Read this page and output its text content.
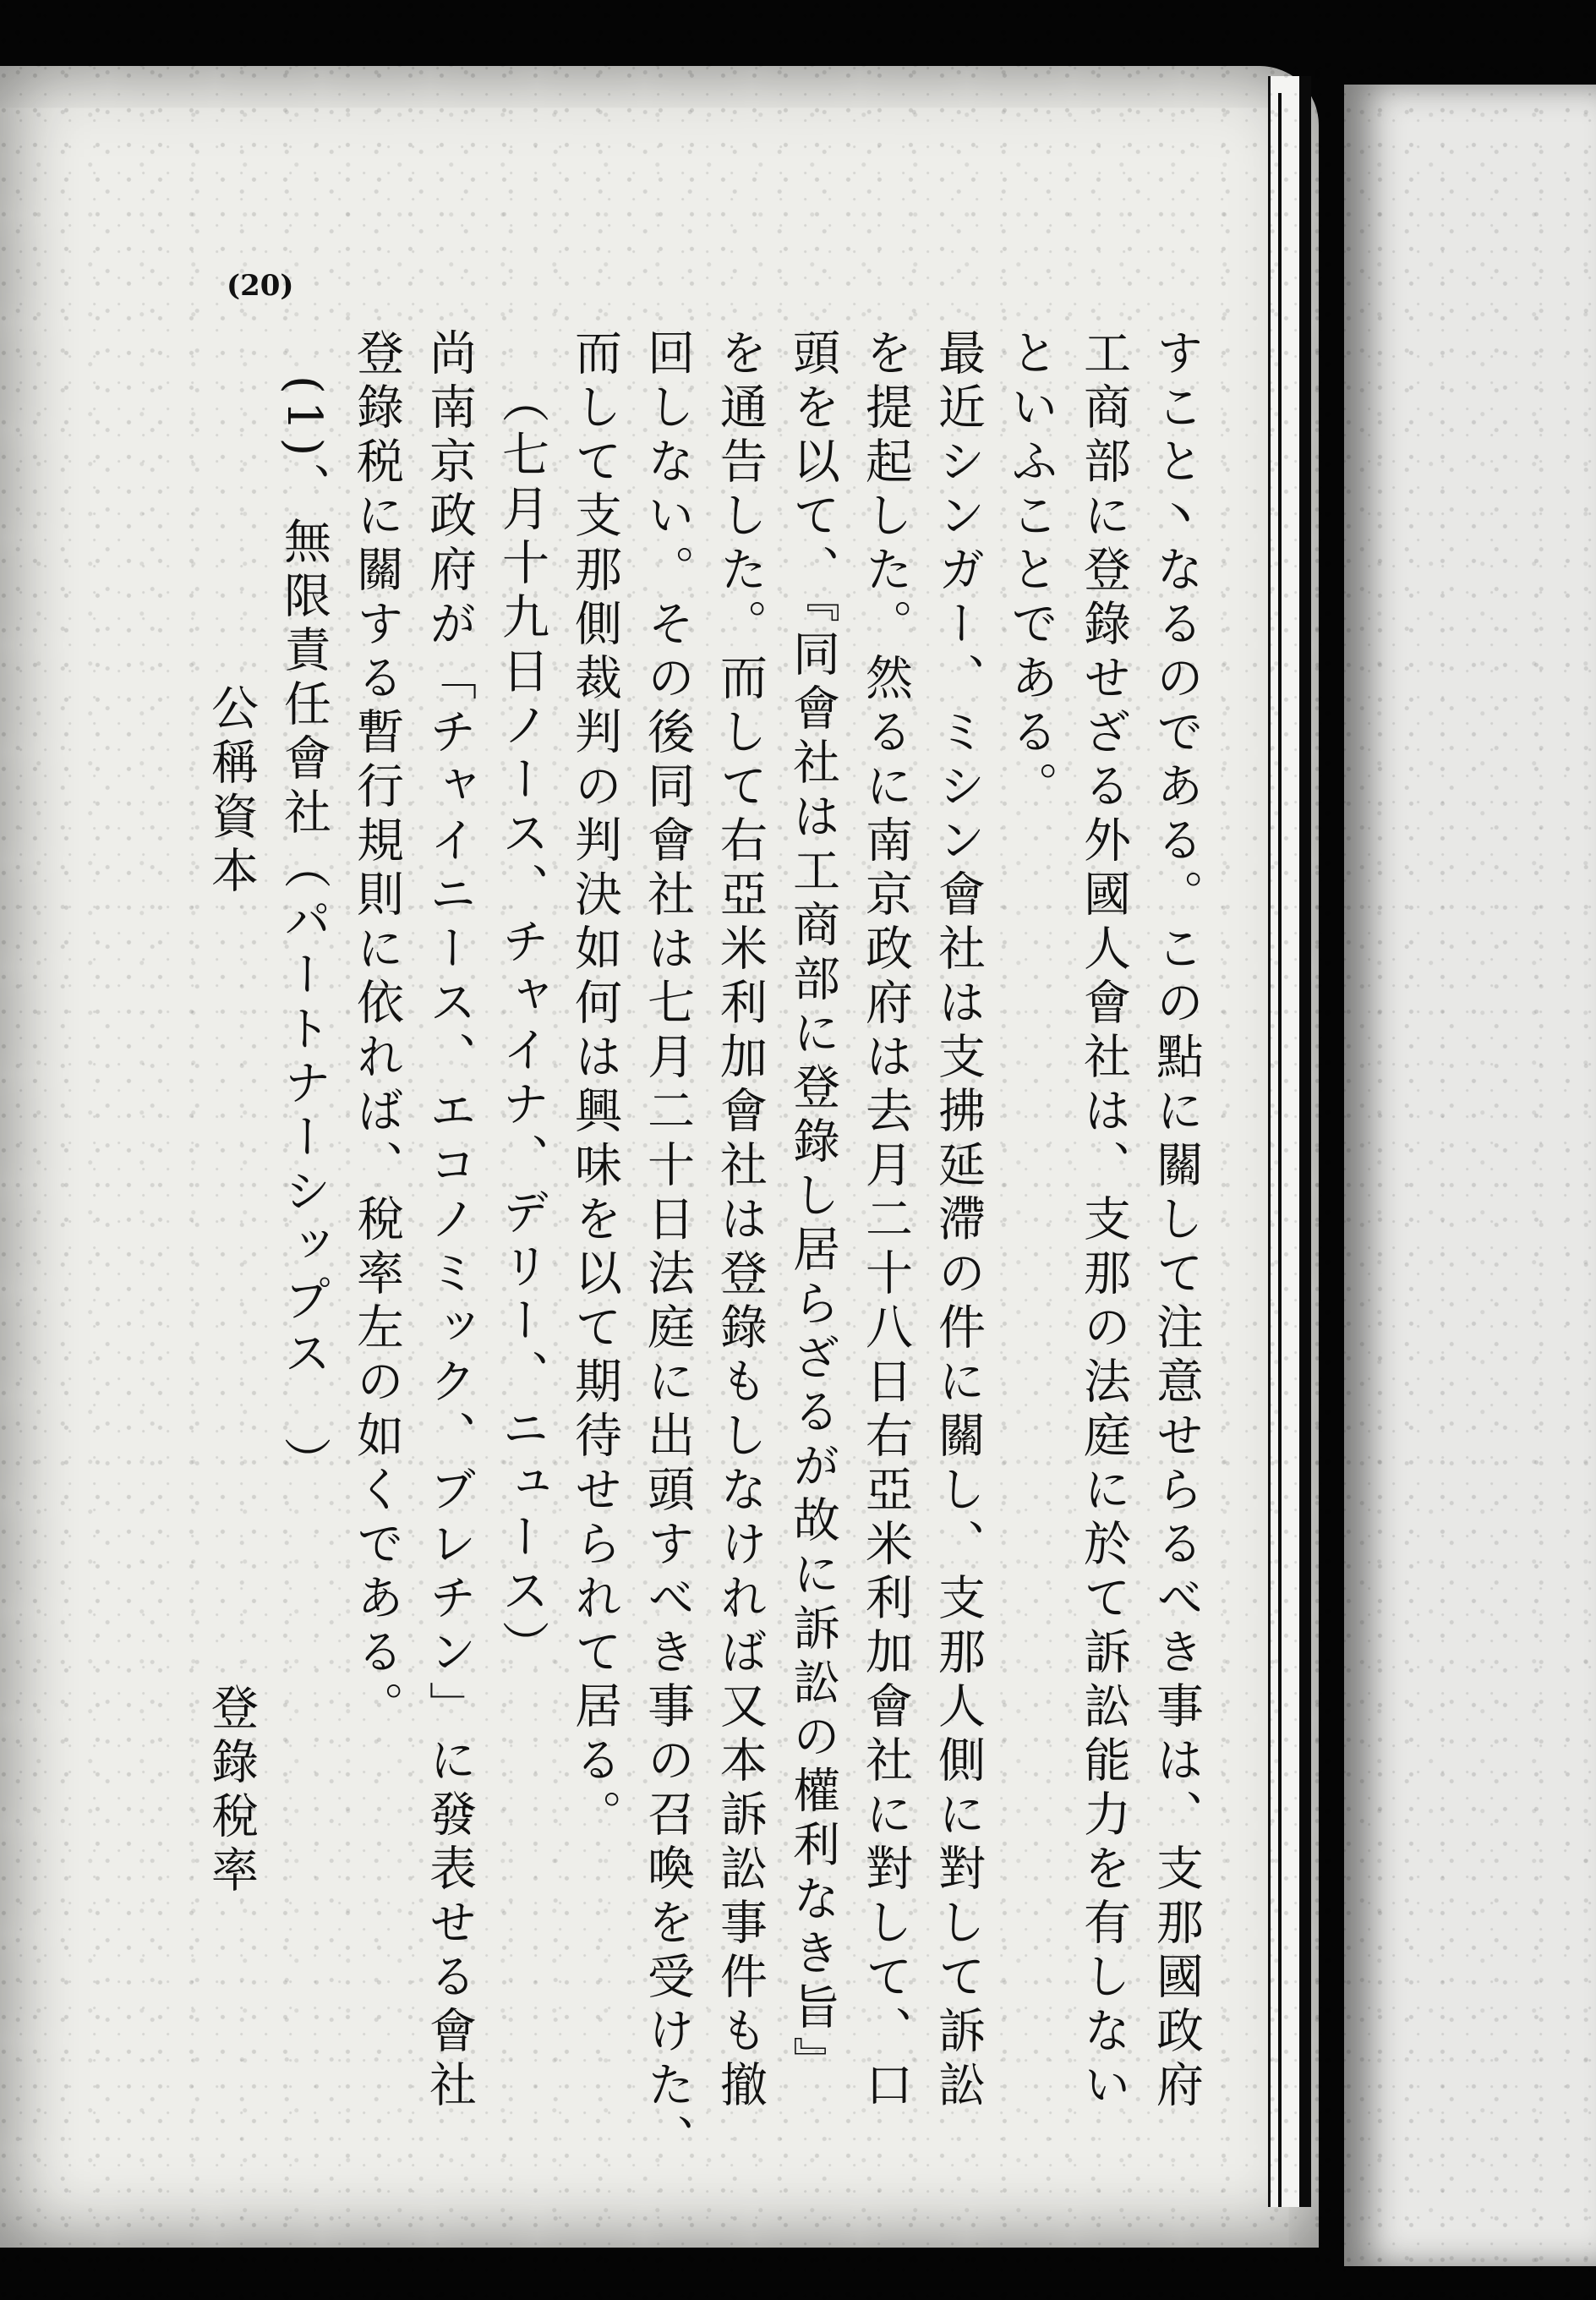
(20)

すこと丶なるのである。この點に關して注意せらるべき事は、支那國政府

工商部に登錄せざる外國人會社は、支那の法庭に於て訴訟能力を有しない

といふことである。

最近シンガー、ミシン會社は支拂延滯の件に關し、支那人側に對して訴訟

を提起した。然るに南京政府は去月二十八日右亞米利加會社に對して、口

頭を以て、『同會社は工商部に登錄し居らざるが故に訴訟の權利なき旨』

を通告した。而して右亞米利加會社は登錄もしなければ又本訴訟事件も撤

回しない。その後同會社は七月二十日法庭に出頭すべき事の召喚を受けた、

而して支那側裁判の判決如何は興味を以て期待せられて居る。

（七月十九日ノース、チャイナ、デリー、ニュース）

尚南京政府が「チャイニース、エコノミック、ブレチン」に發表せる會社

登錄税に關する暫行規則に依れば、稅率左の如くである。

(1)、無限責任會社（パートナーシップス　）

公稱資本 登錄稅率
